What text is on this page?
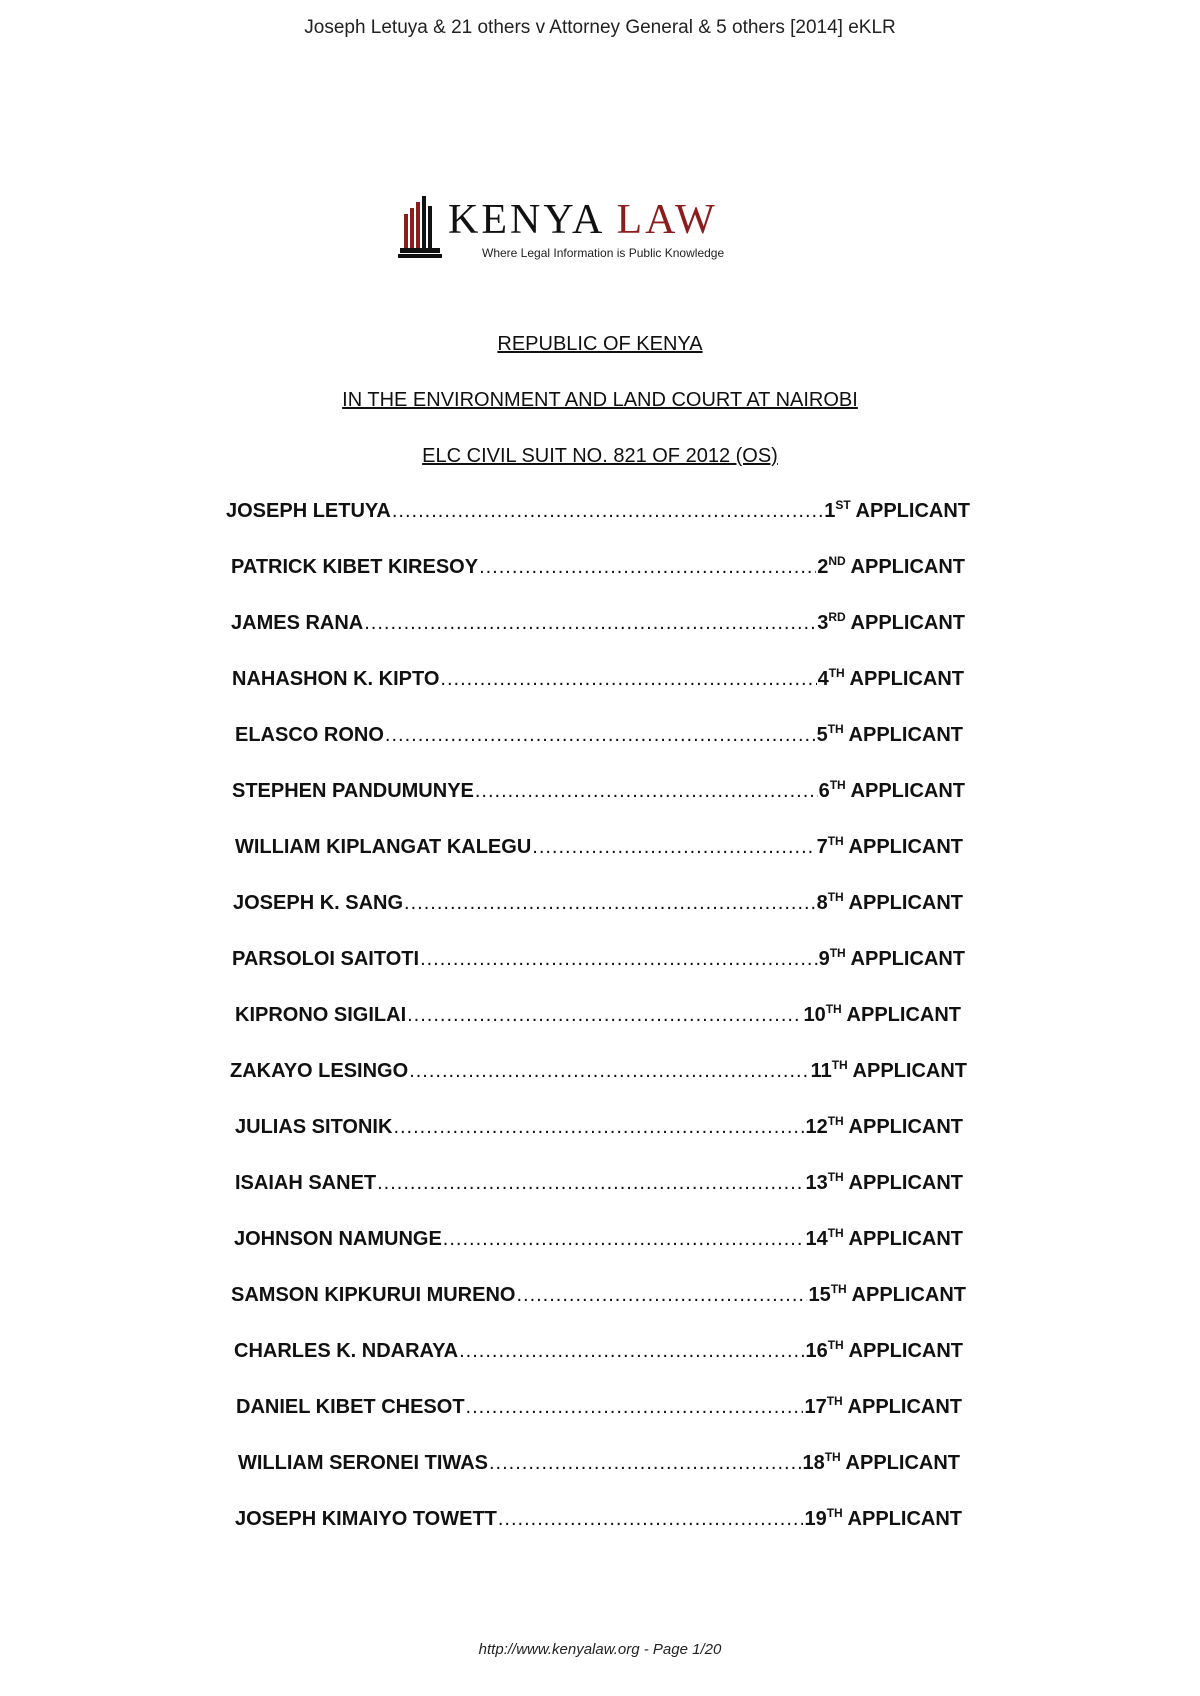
Joseph Letuya & 21 others v Attorney General & 5 others [2014] eKLR
KENYA LAW
Where Legal Information is Public Knowledge
REPUBLIC OF KENYA
IN THE ENVIRONMENT AND LAND COURT AT NAIROBI
ELC CIVIL SUIT NO. 821 OF 2012 (OS)
JOSEPH LETUYA .....	1ST APPLICANT
PATRICK KIBET KIRESOY .....	2ND APPLICANT
JAMES RANA .....	3RD APPLICANT
NAHASHON K. KIPTO .....	4TH APPLICANT
ELASCO RONO .....	5TH APPLICANT
STEPHEN PANDUMUNYE .....	6TH APPLICANT
WILLIAM KIPLANGAT KALEGU .....	7TH APPLICANT
JOSEPH K. SANG .....	8TH APPLICANT
PARSOLOI SAITOTI .....	9TH APPLICANT
KIPRONO SIGILAI .....	10TH APPLICANT
ZAKAYO LESINGO .....	11TH APPLICANT
JULIAS SITONIK .....	12TH APPLICANT
ISAIAH SANET .....	13TH APPLICANT
JOHNSON NAMUNGE .....	14TH APPLICANT
SAMSON KIPKURUI MURENO .....	15TH APPLICANT
CHARLES K. NDARAYA .....	16TH APPLICANT
DANIEL KIBET CHESOT .....	17TH APPLICANT
WILLIAM SERONEI TIWAS .....	18TH APPLICANT
JOSEPH KIMAIYO TOWETT .....	19TH APPLICANT
http://www.kenyalaw.org - Page 1/20
